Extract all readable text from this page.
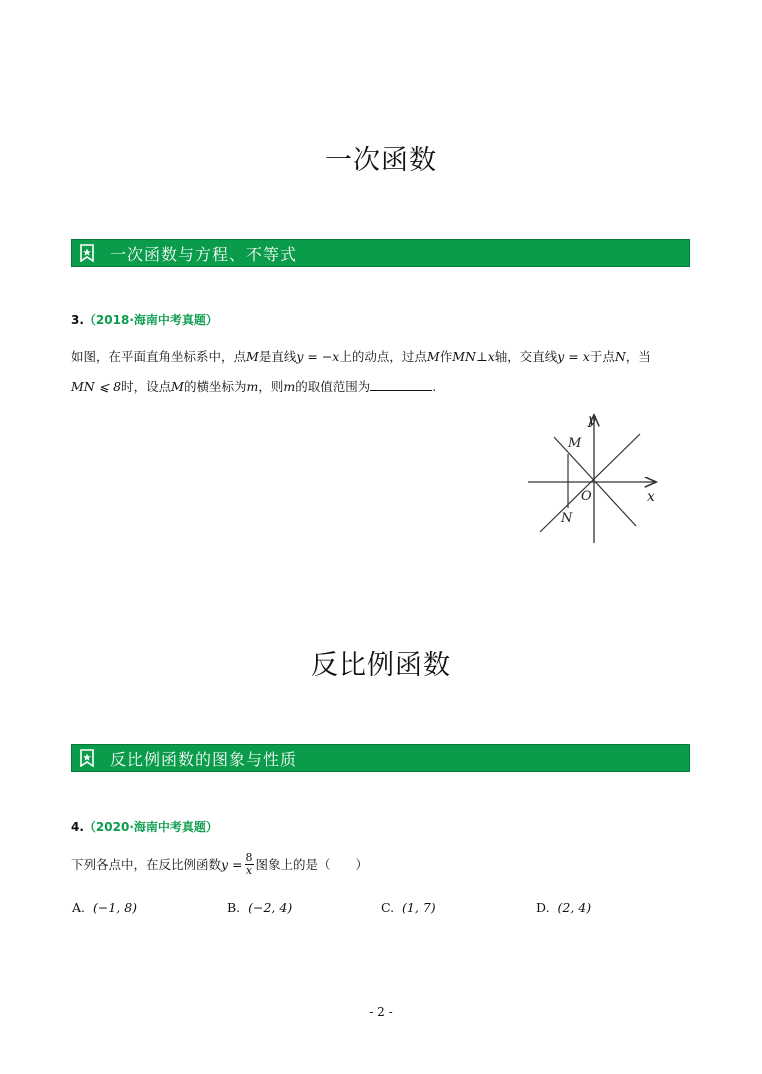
一次函数
一次函数与方程、不等式
3.（2018·海南中考真题）
如图，在平面直角坐标系中，点M是直线y = −x上的动点，过点M作MN⊥x轴，交直线y = x于点N，当
MN ⩽ 8时，设点M的横坐标为m，则m的取值范围为	.
y
x
O
M
N
反比例函数
反比例函数的图象与性质
4.（2020·海南中考真题）
下列各点中，在反比例函数 $y = \frac{8}{x}$ 图象上的是（　　）
A. (−1, 8)	B. (−2, 4)	C. (1, 7)	D. (2, 4)
- 2 -
